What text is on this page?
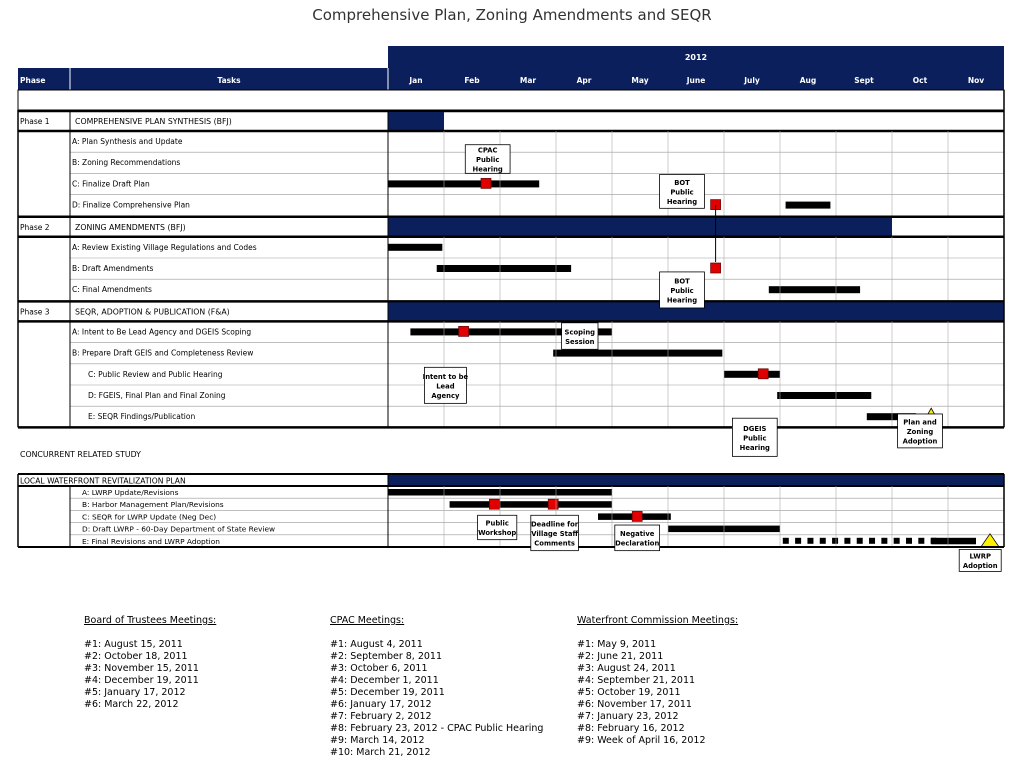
Comprehensive Plan, Zoning Amendments and SEQR
2012
Phase	Tasks	Jan	Feb	Mar	Apr	May	June	July	Aug	Sept	Oct	Nov
Phase 1	COMPREHENSIVE PLAN SYNTHESIS (BFJ)
A: Plan Synthesis and Update
B: Zoning Recommendations
C: Finalize Draft Plan
D: Finalize Comprehensive Plan
Phase 2	ZONING AMENDMENTS (BFJ)
A: Review Existing Village Regulations and Codes
B: Draft Amendments
C: Final Amendments
Phase 3	SEQR, ADOPTION & PUBLICATION (F&A)
A: Intent to Be Lead Agency and DGEIS Scoping
B: Prepare Draft GEIS and Completeness Review
C: Public Review and Public Hearing
D: FGEIS, Final Plan and Final Zoning
E: SEQR Findings/Publication
CPAC
Public
Hearing
BOT
Public
Hearing
BOT
Public
Hearing
Scoping
Session
Intent to be
Lead
Agency
DGEIS
Public
Hearing
Plan and
Zoning
Adoption
CONCURRENT RELATED STUDY
LOCAL WATERFRONT REVITALIZATION PLAN
A: LWRP Update/Revisions
B: Harbor Management Plan/Revisions
C: SEQR for LWRP Update (Neg Dec)
D: Draft LWRP - 60-Day Department of State Review
E: Final Revisions and LWRP Adoption
Public
Workshop
Deadline for
Village Staff
Comments
Negative
Declaration
LWRP
Adoption
Board of Trustees Meetings:
#1: August 15, 2011
#2: October 18, 2011
#3: November 15, 2011
#4: December 19, 2011
#5: January 17, 2012
#6: March 22, 2012
CPAC Meetings:
#1: August 4, 2011
#2: September 8, 2011
#3: October 6, 2011
#4: December 1, 2011
#5: December 19, 2011
#6: January 17, 2012
#7: February 2, 2012
#8: February 23, 2012 - CPAC Public Hearing
#9: March 14, 2012
#10: March 21, 2012
Waterfront Commission Meetings:
#1: May 9, 2011
#2: June 21, 2011
#3: August 24, 2011
#4: September 21, 2011
#5: October 19, 2011
#6: November 17, 2011
#7: January 23, 2012
#8: February 16, 2012
#9: Week of April 16, 2012
